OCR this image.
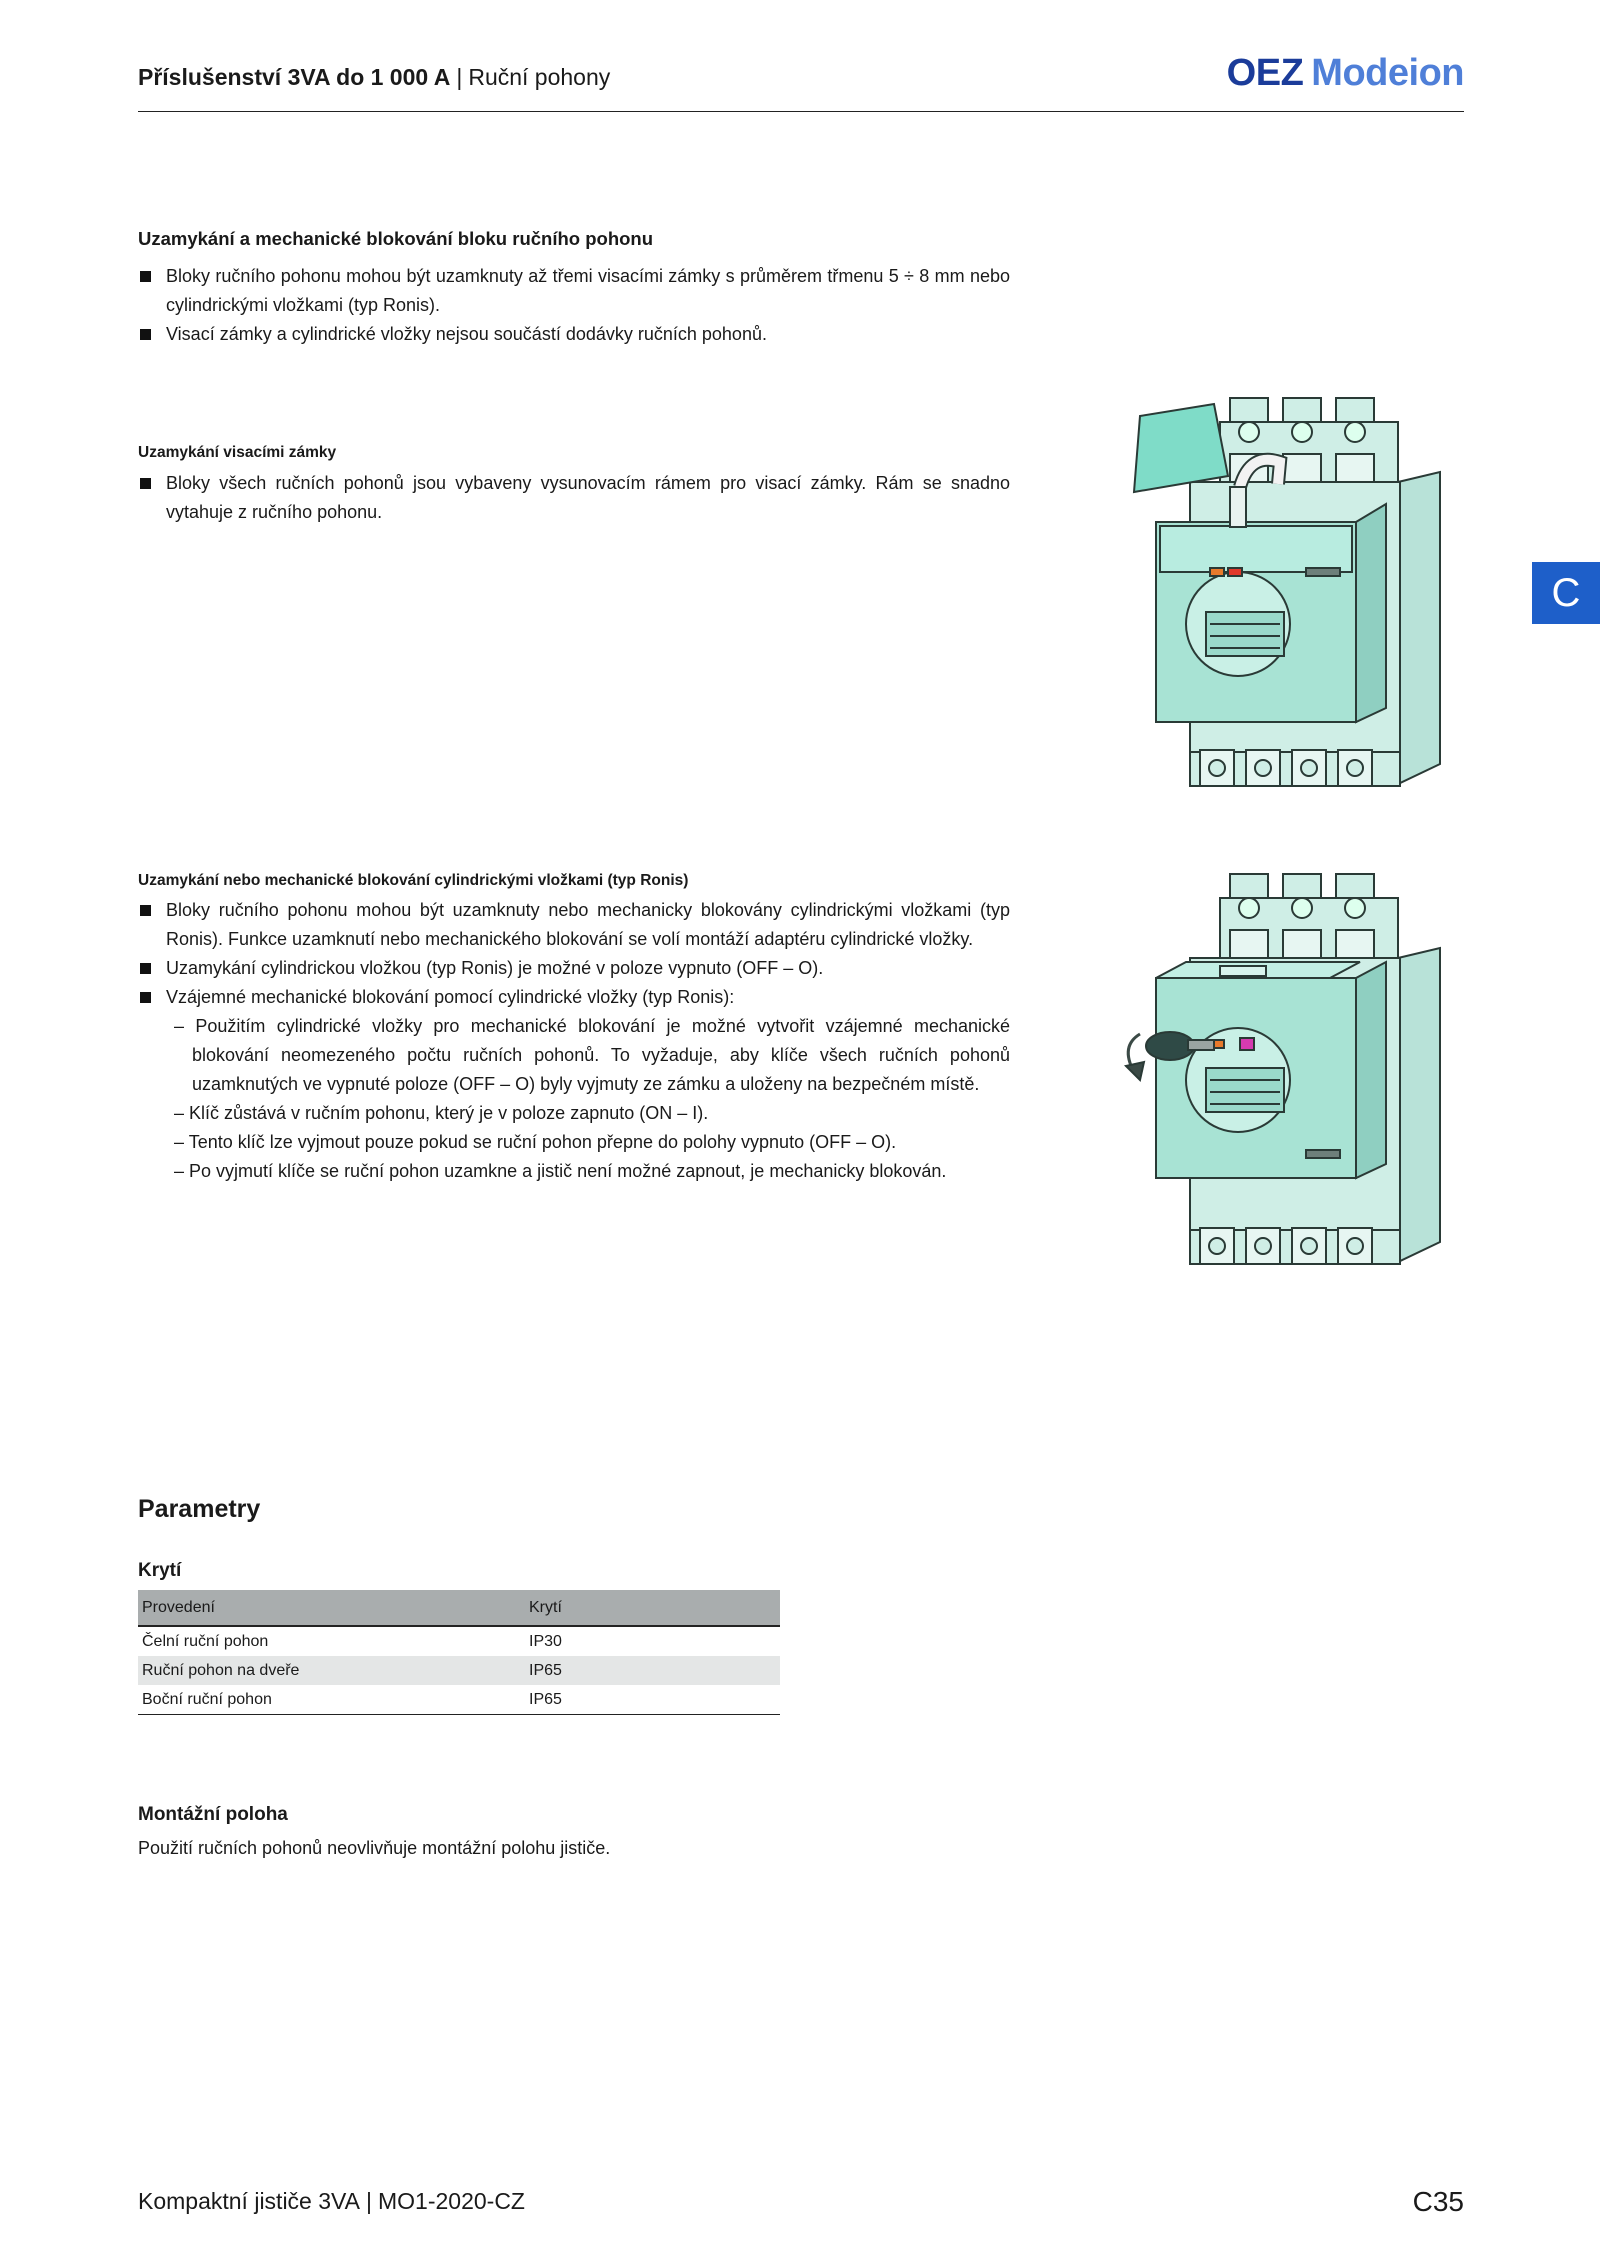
Příslušenství 3VA do 1 000 A | Ruční pohony	OEZ Modeion
C
Uzamykání a mechanické blokování bloku ručního pohonu
Bloky ručního pohonu mohou být uzamknuty až třemi visacími zámky s průměrem třmenu 5 ÷ 8 mm nebo cylindrickými vložkami (typ Ronis).
Visací zámky a cylindrické vložky nejsou součástí dodávky ručních pohonů.
Uzamykání visacími zámky
Bloky všech ručních pohonů jsou vybaveny vysunovacím rámem pro visací zámky. Rám se snadno vytahuje z ručního pohonu.
Uzamykání nebo mechanické blokování cylindrickými vložkami (typ Ronis)
Bloky ručního pohonu mohou být uzamknuty nebo mechanicky blokovány cylindrickými vložkami (typ Ronis). Funkce uzamknutí nebo mechanického blokování se volí montáží adaptéru cylindrické vložky.
Uzamykání cylindrickou vložkou (typ Ronis) je možné v poloze vypnuto (OFF – O).
Vzájemné mechanické blokování pomocí cylindrické vložky (typ Ronis):
– Použitím cylindrické vložky pro mechanické blokování je možné vytvořit vzájemné mechanické blokování neomezeného počtu ručních pohonů. To vyžaduje, aby klíče všech ručních pohonů uzamknutých ve vypnuté poloze (OFF – O) byly vyjmuty ze zámku a uloženy na bezpečném místě.
– Klíč zůstává v ručním pohonu, který je v poloze zapnuto (ON – I).
– Tento klíč lze vyjmout pouze pokud se ruční pohon přepne do polohy vypnuto (OFF – O).
– Po vyjmutí klíče se ruční pohon uzamkne a jistič není možné zapnout, je mechanicky blokován.
Parametry
Krytí
Provedení	Krytí
Čelní ruční pohon	IP30
Ruční pohon na dveře	IP65
Boční ruční pohon	IP65
Montážní poloha
Použití ručních pohonů neovlivňuje montážní polohu jističe.
Kompaktní jističe 3VA | MO1-2020-CZ	C35
